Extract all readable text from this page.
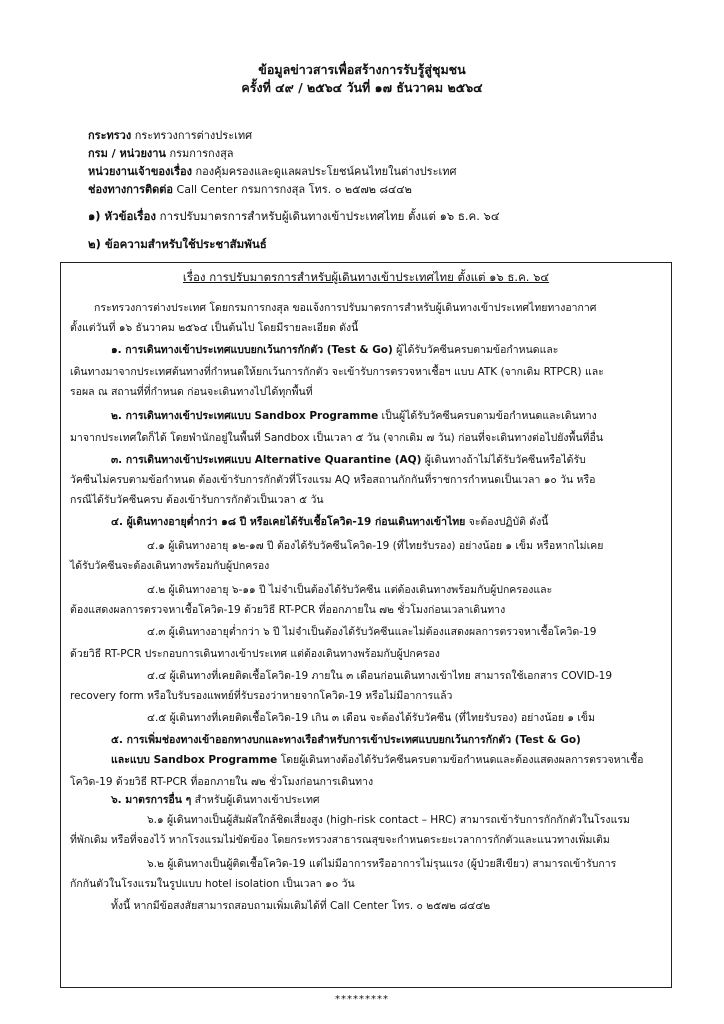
ข้อมูลข่าวสารเพื่อสร้างการรับรู้สู่ชุมชน
ครั้งที่ ๔๙ / ๒๕๖๔ วันที่ ๑๗ ธันวาคม ๒๕๖๔
กระทรวง กระทรวงการต่างประเทศ
กรม / หน่วยงาน กรมการกงสุล
หน่วยงานเจ้าของเรื่อง กองคุ้มครองและดูแลผลประโยชน์คนไทยในต่างประเทศ
ช่องทางการติดต่อ Call Center กรมการกงสุล โทร. ๐ ๒๕๗๒ ๘๔๔๒
๑) หัวข้อเรื่อง การปรับมาตรการสำหรับผู้เดินทางเข้าประเทศไทย ตั้งแต่ ๑๖ ธ.ค. ๖๔
๒) ข้อความสำหรับใช้ประชาสัมพันธ์
เรื่อง การปรับมาตรการสำหรับผู้เดินทางเข้าประเทศไทย ตั้งแต่ ๑๖ ธ.ค. ๖๔
กระทรวงการต่างประเทศ โดยกรมการกงสุล ขอแจ้งการปรับมาตรการสำหรับผู้เดินทางเข้าประเทศไทยทางอากาศ
ตั้งแต่วันที่ ๑๖ ธันวาคม ๒๕๖๔ เป็นต้นไป โดยมีรายละเอียด ดังนี้
๑. การเดินทางเข้าประเทศแบบยกเว้นการกักตัว (Test & Go) ผู้ได้รับวัคซีนครบตามข้อกำหนดและ
เดินทางมาจากประเทศต้นทางที่กำหนดให้ยกเว้นการกักตัว จะเข้ารับการตรวจหาเชื้อฯ แบบ ATK (จากเดิม RTPCR) และ
รอผล ณ สถานที่ที่กำหนด ก่อนจะเดินทางไปได้ทุกพื้นที่
๒. การเดินทางเข้าประเทศแบบ Sandbox Programme เป็นผู้ได้รับวัคซีนครบตามข้อกำหนดและเดินทาง
มาจากประเทศใดก็ได้ โดยพำนักอยู่ในพื้นที่ Sandbox เป็นเวลา ๕ วัน (จากเดิม ๗ วัน) ก่อนที่จะเดินทางต่อไปยังพื้นที่อื่น
๓. การเดินทางเข้าประเทศแบบ Alternative Quarantine (AQ) ผู้เดินทางถ้าไม่ได้รับวัคซีนหรือได้รับ
วัคซีนไม่ครบตามข้อกำหนด ต้องเข้ารับการกักตัวที่โรงแรม AQ หรือสถานกักกันที่ราชการกำหนดเป็นเวลา ๑๐ วัน หรือ
กรณีได้รับวัคซีนครบ ต้องเข้ารับการกักตัวเป็นเวลา ๕ วัน
๔. ผู้เดินทางอายุต่ำกว่า ๑๘ ปี หรือเคยได้รับเชื้อโควิด-19 ก่อนเดินทางเข้าไทย จะต้องปฏิบัติ ดังนี้
๔.๑ ผู้เดินทางอายุ ๑๒-๑๗ ปี ต้องได้รับวัคซีนโควิด-19 (ที่ไทยรับรอง) อย่างน้อย ๑ เข็ม หรือหากไม่เคย
ได้รับวัคซีนจะต้องเดินทางพร้อมกับผู้ปกครอง
๔.๒ ผู้เดินทางอายุ ๖-๑๑ ปี ไม่จำเป็นต้องได้รับวัคซีน แต่ต้องเดินทางพร้อมกับผู้ปกครองและ
ต้องแสดงผลการตรวจหาเชื้อโควิด-19 ด้วยวิธี RT-PCR ที่ออกภายใน ๗๒ ชั่วโมงก่อนเวลาเดินทาง
๔.๓ ผู้เดินทางอายุต่ำกว่า ๖ ปี ไม่จำเป็นต้องได้รับวัคซีนและไม่ต้องแสดงผลการตรวจหาเชื้อโควิด-19
ด้วยวิธี RT-PCR ประกอบการเดินทางเข้าประเทศ แต่ต้องเดินทางพร้อมกับผู้ปกครอง
๔.๔ ผู้เดินทางที่เคยติดเชื้อโควิด-19 ภายใน ๓ เดือนก่อนเดินทางเข้าไทย สามารถใช้เอกสาร COVID-19
recovery form หรือใบรับรองแพทย์ที่รับรองว่าหายจากโควิด-19 หรือไม่มีอาการแล้ว
๔.๕ ผู้เดินทางที่เคยติดเชื้อโควิด-19 เกิน ๓ เดือน จะต้องได้รับวัคซีน (ที่ไทยรับรอง) อย่างน้อย ๑ เข็ม
๕. การเพิ่มช่องทางเข้าออกทางบกและทางเรือสำหรับการเข้าประเทศแบบยกเว้นการกักตัว (Test & Go)
และแบบ Sandbox Programme โดยผู้เดินทางต้องได้รับวัคซีนครบตามข้อกำหนดและต้องแสดงผลการตรวจหาเชื้อ
โควิด-19 ด้วยวิธี RT-PCR ที่ออกภายใน ๗๒ ชั่วโมงก่อนการเดินทาง
๖. มาตรการอื่น ๆ สำหรับผู้เดินทางเข้าประเทศ
๖.๑ ผู้เดินทางเป็นผู้สัมผัสใกล้ชิดเสี่ยงสูง (high-risk contact – HRC) สามารถเข้ารับการกักกักตัวในโรงแรม
ที่พักเดิม หรือที่จองไว้ หากโรงแรมไม่ขัดข้อง โดยกระทรวงสาธารณสุขจะกำหนดระยะเวลาการกักตัวและแนวทางเพิ่มเติม
๖.๒ ผู้เดินทางเป็นผู้ติดเชื้อโควิด-19 แต่ไม่มีอาการหรืออาการไม่รุนแรง (ผู้ป่วยสีเขียว) สามารถเข้ารับการ
กักกันตัวในโรงแรมในรูปแบบ hotel isolation เป็นเวลา ๑๐ วัน
ทั้งนี้ หากมีข้อสงสัยสามารถสอบถามเพิ่มเติมได้ที่ Call Center โทร. ๐ ๒๕๗๒ ๘๔๔๒
*********
